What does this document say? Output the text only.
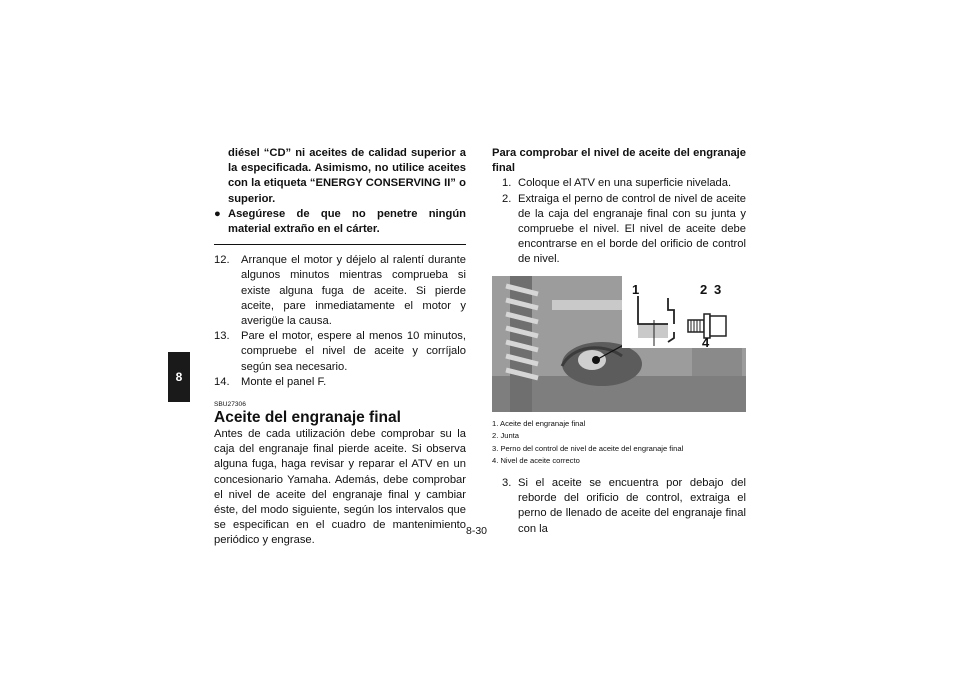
8
diésel “CD” ni aceites de calidad superior a la especificada. Asimismo, no utilice aceites con la etiqueta “ENERGY CONSERVING II” o superior.
● Asegúrese de que no penetre ningún material extraño en el cárter.
12. Arranque el motor y déjelo al ralentí durante algunos minutos mientras comprueba si existe alguna fuga de aceite. Si pierde aceite, pare inmediatamente el motor y averigüe la causa.
13. Pare el motor, espere al menos 10 minutos, compruebe el nivel de aceite y corríjalo según sea necesario.
14. Monte el panel F.
SBU27306
Aceite del engranaje final
Antes de cada utilización debe comprobar su la caja del engranaje final pierde aceite. Si observa alguna fuga, haga revisar y reparar el ATV en un concesionario Yamaha. Además, debe comprobar el nivel de aceite del engranaje final y cambiar éste, del modo siguiente, según los intervalos que se especifican en el cuadro de mantenimiento periódico y engrase.
Para comprobar el nivel de aceite del engranaje final
1. Coloque el ATV en una superficie nivelada.
2. Extraiga el perno de control de nivel de aceite de la caja del engranaje final con su junta y compruebe el nivel. El nivel de aceite debe encontrarse en el borde del orificio de control de nivel.
1	2 3
4
1. Aceite del engranaje final
2. Junta
3. Perno del control de nivel de aceite del engranaje final
4. Nivel de aceite correcto
3. Si el aceite se encuentra por debajo del reborde del orificio de control, extraiga el perno de llenado de aceite del engranaje final con la
8-30
